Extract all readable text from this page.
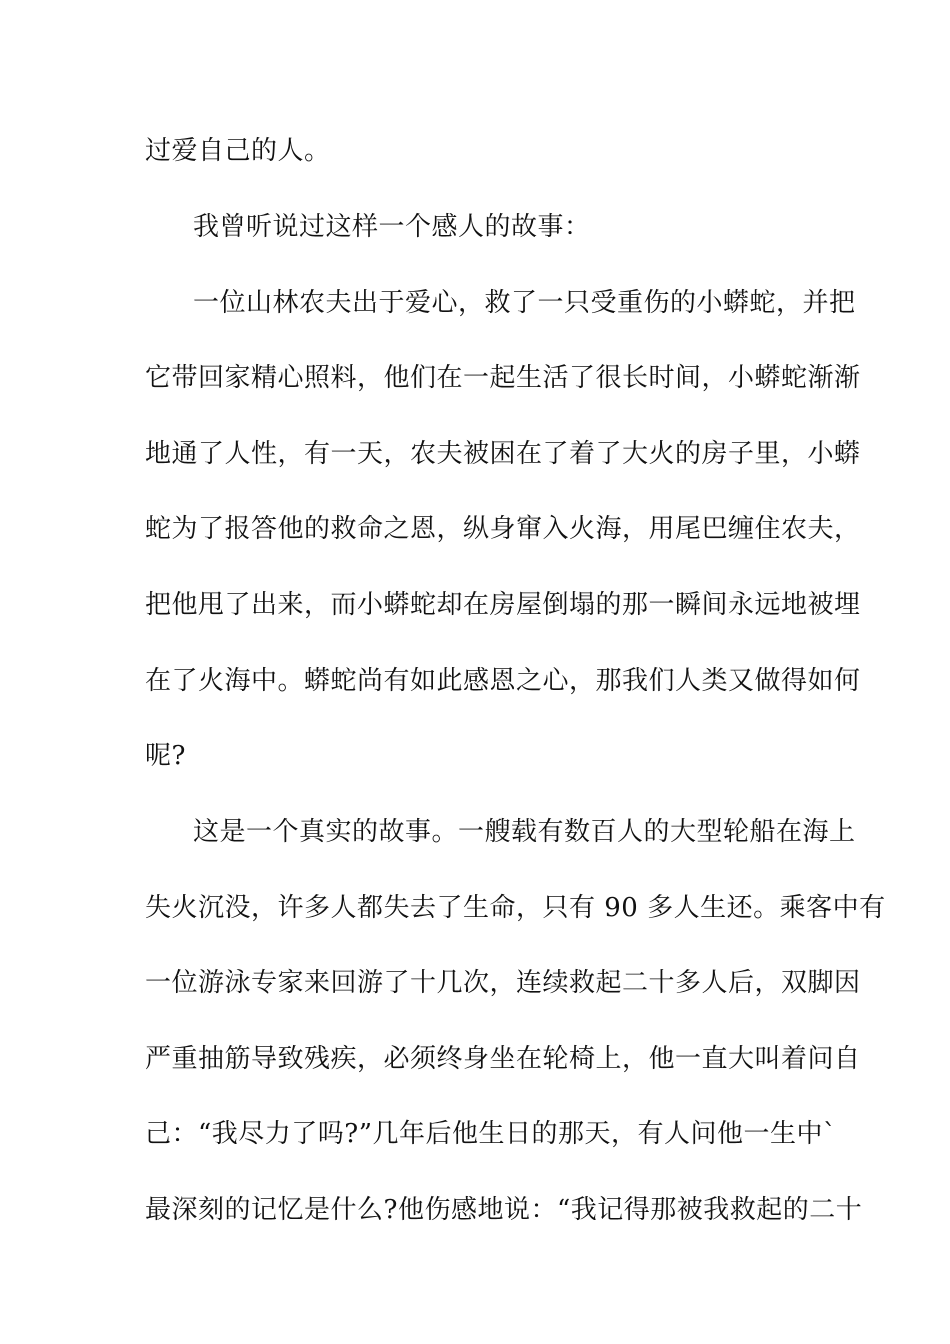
过爱自己的人。
我曾听说过这样一个感人的故事：
一位山林农夫出于爱心，救了一只受重伤的小蟒蛇，并把
它带回家精心照料，他们在一起生活了很长时间，小蟒蛇渐渐
地通了人性，有一天，农夫被困在了着了大火的房子里，小蟒
蛇为了报答他的救命之恩，纵身窜入火海，用尾巴缠住农夫，
把他甩了出来，而小蟒蛇却在房屋倒塌的那一瞬间永远地被埋
在了火海中。蟒蛇尚有如此感恩之心，那我们人类又做得如何
呢?
这是一个真实的故事。一艘载有数百人的大型轮船在海上
失火沉没，许多人都失去了生命，只有 90 多人生还。乘客中有
一位游泳专家来回游了十几次，连续救起二十多人后，双脚因
严重抽筋导致残疾，必须终身坐在轮椅上，他一直大叫着问自
己：“我尽力了吗?”几年后他生日的那天，有人问他一生中`
最深刻的记忆是什么?他伤感地说：“我记得那被我救起的二十
